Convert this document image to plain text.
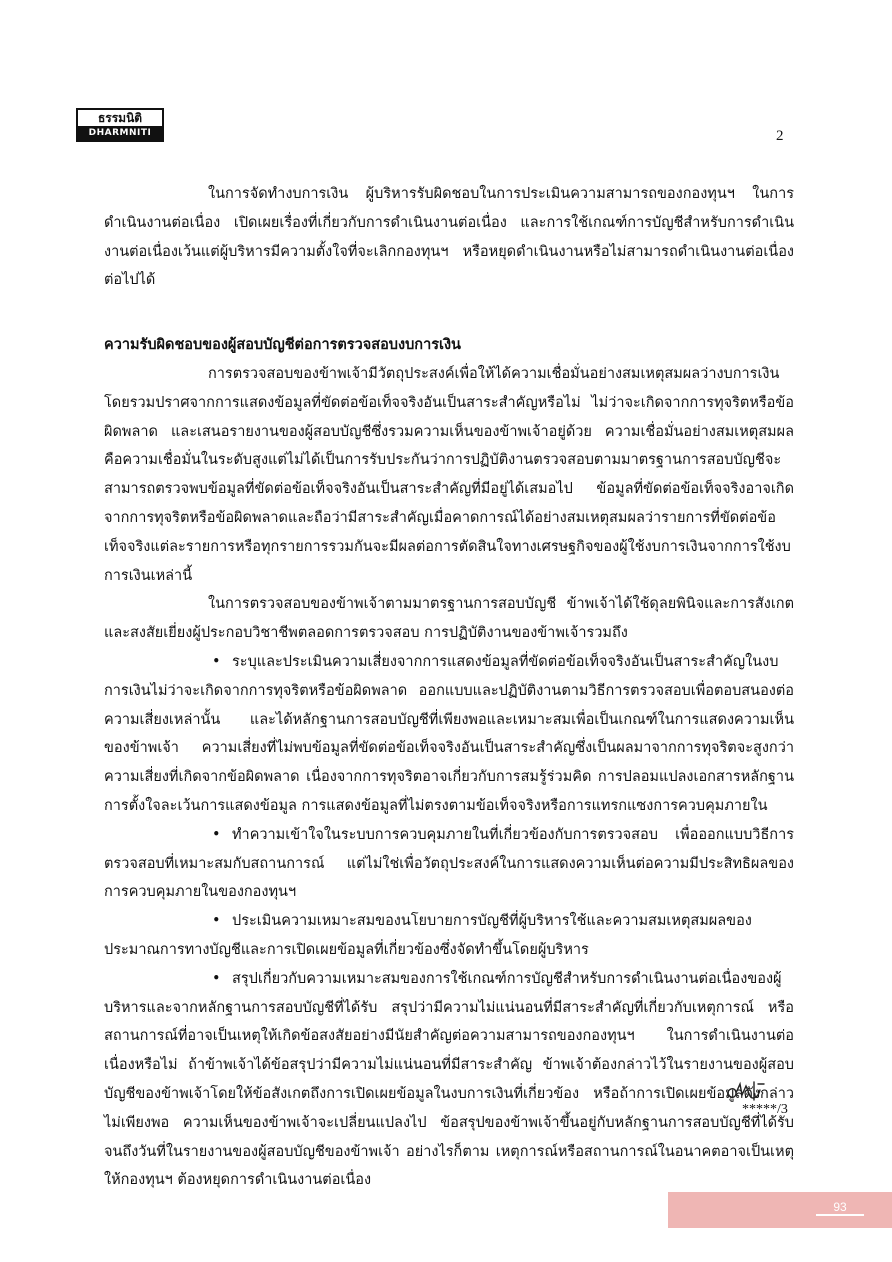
ธรรมนิติ
DHARMNITI	2

ในการจัดทำงบการเงิน ผู้บริหารรับผิดชอบในการประเมินความสามารถของกองทุนฯ ในการดำเนินงานต่อเนื่อง เปิดเผยเรื่องที่เกี่ยวกับการดำเนินงานต่อเนื่อง และการใช้เกณฑ์การบัญชีสำหรับการดำเนินงานต่อเนื่องเว้นแต่ผู้บริหารมีความตั้งใจที่จะเลิกกองทุนฯ หรือหยุดดำเนินงานหรือไม่สามารถดำเนินงานต่อเนื่องต่อไปได้

ความรับผิดชอบของผู้สอบบัญชีต่อการตรวจสอบงบการเงิน

การตรวจสอบของข้าพเจ้ามีวัตถุประสงค์เพื่อให้ได้ความเชื่อมั่นอย่างสมเหตุสมผลว่างบการเงินโดยรวมปราศจากการแสดงข้อมูลที่ขัดต่อข้อเท็จจริงอันเป็นสาระสำคัญหรือไม่ ไม่ว่าจะเกิดจากการทุจริตหรือข้อผิดพลาด และเสนอรายงานของผู้สอบบัญชีซึ่งรวมความเห็นของข้าพเจ้าอยู่ด้วย ความเชื่อมั่นอย่างสมเหตุสมผลคือความเชื่อมั่นในระดับสูงแต่ไม่ได้เป็นการรับประกันว่าการปฏิบัติงานตรวจสอบตามมาตรฐานการสอบบัญชีจะสามารถตรวจพบข้อมูลที่ขัดต่อข้อเท็จจริงอันเป็นสาระสำคัญที่มีอยู่ได้เสมอไป ข้อมูลที่ขัดต่อข้อเท็จจริงอาจเกิดจากการทุจริตหรือข้อผิดพลาดและถือว่ามีสาระสำคัญเมื่อคาดการณ์ได้อย่างสมเหตุสมผลว่ารายการที่ขัดต่อข้อเท็จจริงแต่ละรายการหรือทุกรายการรวมกันจะมีผลต่อการตัดสินใจทางเศรษฐกิจของผู้ใช้งบการเงินจากการใช้งบการเงินเหล่านี้

ในการตรวจสอบของข้าพเจ้าตามมาตรฐานการสอบบัญชี ข้าพเจ้าได้ใช้ดุลยพินิจและการสังเกตและสงสัยเยี่ยงผู้ประกอบวิชาชีพตลอดการตรวจสอบ การปฏิบัติงานของข้าพเจ้ารวมถึง

• ระบุและประเมินความเสี่ยงจากการแสดงข้อมูลที่ขัดต่อข้อเท็จจริงอันเป็นสาระสำคัญในงบการเงินไม่ว่าจะเกิดจากการทุจริตหรือข้อผิดพลาด ออกแบบและปฏิบัติงานตามวิธีการตรวจสอบเพื่อตอบสนองต่อความเสี่ยงเหล่านั้น และได้หลักฐานการสอบบัญชีที่เพียงพอและเหมาะสมเพื่อเป็นเกณฑ์ในการแสดงความเห็นของข้าพเจ้า ความเสี่ยงที่ไม่พบข้อมูลที่ขัดต่อข้อเท็จจริงอันเป็นสาระสำคัญซึ่งเป็นผลมาจากการทุจริตจะสูงกว่าความเสี่ยงที่เกิดจากข้อผิดพลาด เนื่องจากการทุจริตอาจเกี่ยวกับการสมรู้ร่วมคิด การปลอมแปลงเอกสารหลักฐาน การตั้งใจละเว้นการแสดงข้อมูล การแสดงข้อมูลที่ไม่ตรงตามข้อเท็จจริงหรือการแทรกแซงการควบคุมภายใน

• ทำความเข้าใจในระบบการควบคุมภายในที่เกี่ยวข้องกับการตรวจสอบ เพื่อออกแบบวิธีการตรวจสอบที่เหมาะสมกับสถานการณ์ แต่ไม่ใช่เพื่อวัตถุประสงค์ในการแสดงความเห็นต่อความมีประสิทธิผลของการควบคุมภายในของกองทุนฯ

• ประเมินความเหมาะสมของนโยบายการบัญชีที่ผู้บริหารใช้และความสมเหตุสมผลของประมาณการทางบัญชีและการเปิดเผยข้อมูลที่เกี่ยวข้องซึ่งจัดทำขึ้นโดยผู้บริหาร

• สรุปเกี่ยวกับความเหมาะสมของการใช้เกณฑ์การบัญชีสำหรับการดำเนินงานต่อเนื่องของผู้บริหารและจากหลักฐานการสอบบัญชีที่ได้รับ สรุปว่ามีความไม่แน่นอนที่มีสาระสำคัญที่เกี่ยวกับเหตุการณ์ หรือสถานการณ์ที่อาจเป็นเหตุให้เกิดข้อสงสัยอย่างมีนัยสำคัญต่อความสามารถของกองทุนฯ ในการดำเนินงานต่อเนื่องหรือไม่ ถ้าข้าพเจ้าได้ข้อสรุปว่ามีความไม่แน่นอนที่มีสาระสำคัญ ข้าพเจ้าต้องกล่าวไว้ในรายงานของผู้สอบบัญชีของข้าพเจ้าโดยให้ข้อสังเกตถึงการเปิดเผยข้อมูลในงบการเงินที่เกี่ยวข้อง หรือถ้าการเปิดเผยข้อมูลดังกล่าวไม่เพียงพอ ความเห็นของข้าพเจ้าจะเปลี่ยนแปลงไป ข้อสรุปของข้าพเจ้าขึ้นอยู่กับหลักฐานการสอบบัญชีที่ได้รับจนถึงวันที่ในรายงานของผู้สอบบัญชีของข้าพเจ้า อย่างไรก็ตาม เหตุการณ์หรือสถานการณ์ในอนาคตอาจเป็นเหตุให้กองทุนฯ ต้องหยุดการดำเนินงานต่อเนื่อง

*****/3
93
